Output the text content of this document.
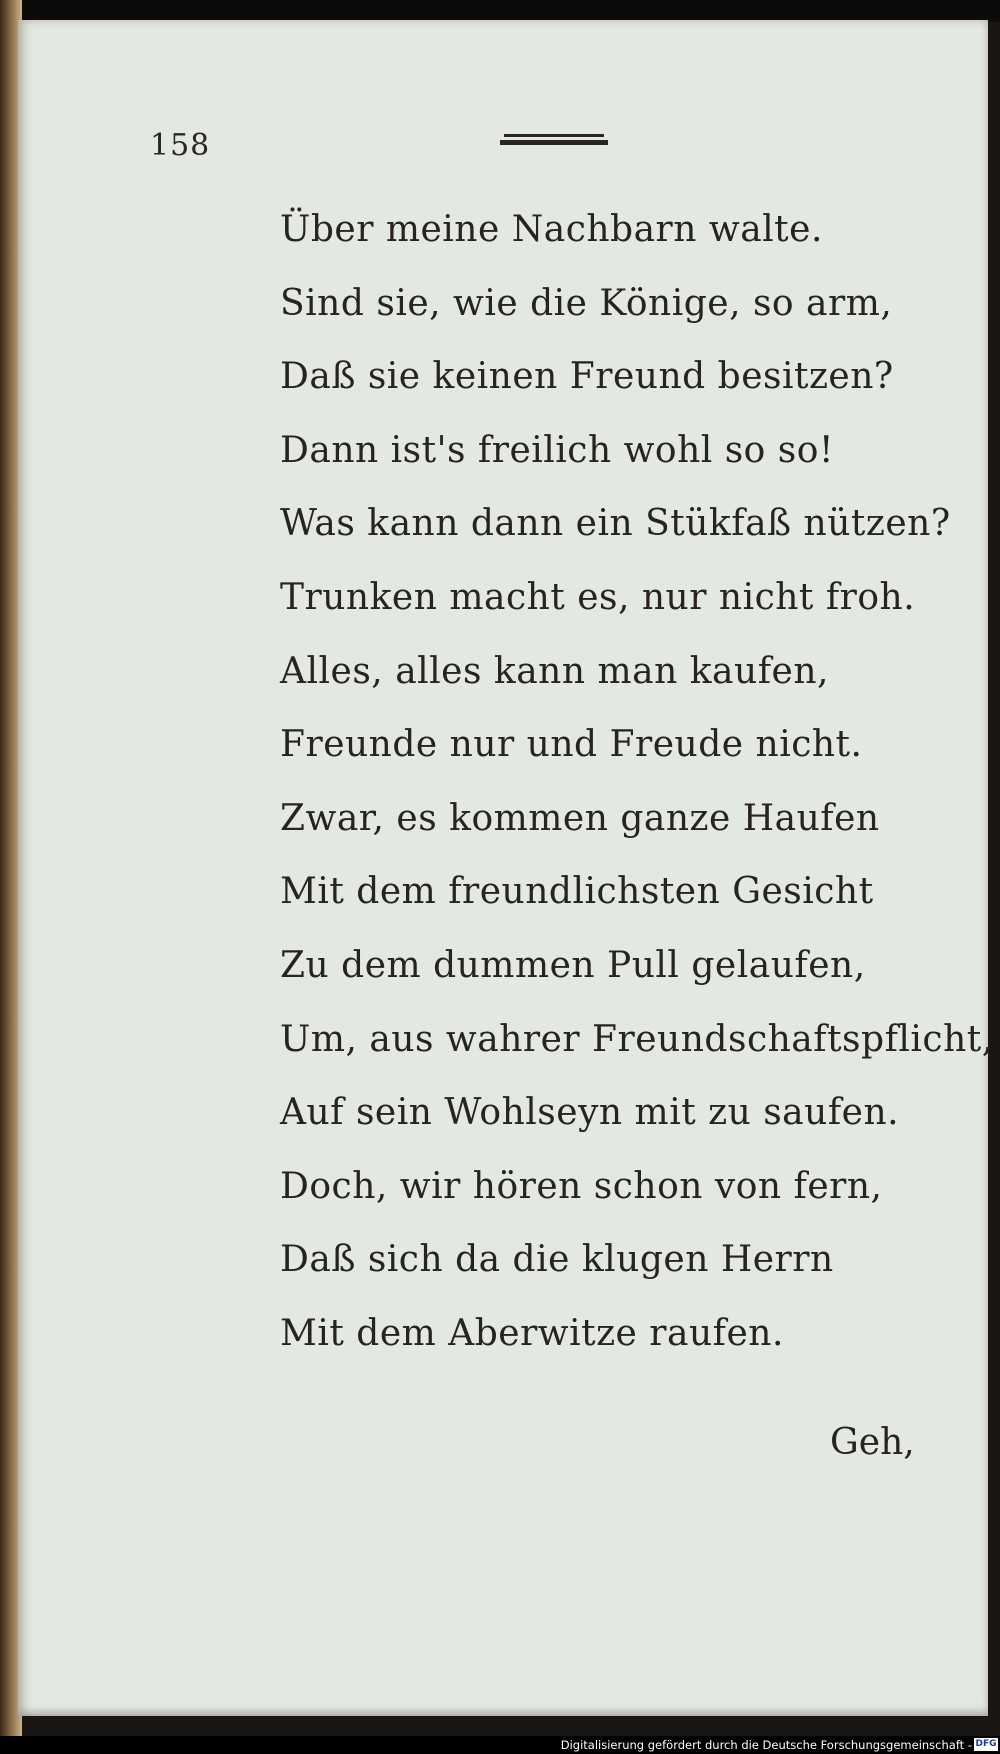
158
Über meine Nachbarn walte.
Sind sie, wie die Könige, so arm,
Daß sie keinen Freund besitzen?
Dann ist's freilich wohl so so!
Was kann dann ein Stükfaß nützen?
Trunken macht es, nur nicht froh.
Alles, alles kann man kaufen,
Freunde nur und Freude nicht.
Zwar, es kommen ganze Haufen
Mit dem freundlichsten Gesicht
Zu dem dummen Pull gelaufen,
Um, aus wahrer Freundschaftspflicht,
Auf sein Wohlseyn mit zu saufen.
Doch, wir hören schon von fern,
Daß sich da die klugen Herrn
Mit dem Aberwitze raufen.
Geh,
Digitalisierung gefördert durch die Deutsche Forschungsgemeinschaft - DFG
